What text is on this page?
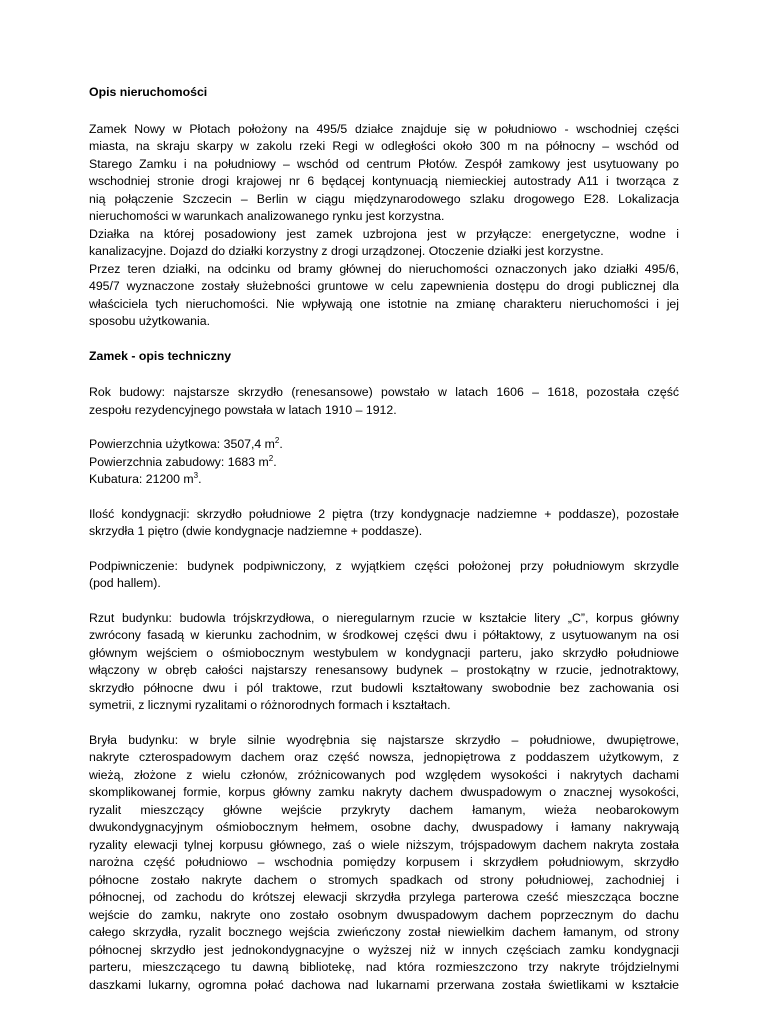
Opis nieruchomości
Zamek Nowy w Płotach położony na 495/5 działce znajduje się w południowo - wschodniej części
miasta, na skraju skarpy w zakolu rzeki Regi w odległości około 300 m na północny – wschód od
Starego Zamku i na południowy – wschód od centrum Płotów. Zespół zamkowy jest usytuowany po
wschodniej stronie drogi krajowej nr 6 będącej kontynuacją niemieckiej autostrady A11 i tworząca z
nią połączenie Szczecin – Berlin w ciągu międzynarodowego szlaku drogowego E28. Lokalizacja
nieruchomości w warunkach analizowanego rynku jest korzystna.
Działka na której posadowiony jest zamek uzbrojona jest w przyłącze: energetyczne, wodne i
kanalizacyjne. Dojazd do działki korzystny z drogi urządzonej. Otoczenie działki jest korzystne.
Przez teren działki, na odcinku od bramy głównej do nieruchomości oznaczonych jako działki 495/6,
495/7 wyznaczone zostały służebności gruntowe w celu zapewnienia dostępu do drogi publicznej dla
właściciela tych nieruchomości. Nie wpływają one istotnie na zmianę charakteru nieruchomości i jej
sposobu użytkowania.
Zamek - opis techniczny
Rok budowy: najstarsze skrzydło (renesansowe) powstało w latach 1606 – 1618, pozostała część
zespołu rezydencyjnego powstała w latach 1910 – 1912.
Powierzchnia użytkowa: 3507,4 $m^2$.
Powierzchnia zabudowy: 1683 $m^2$.
Kubatura: 21200 $m^3$.
Ilość kondygnacji: skrzydło południowe 2 piętra (trzy kondygnacje nadziemne + poddasze), pozostałe
skrzydła 1 piętro (dwie kondygnacje nadziemne + poddasze).
Podpiwniczenie: budynek podpiwniczony, z wyjątkiem części położonej przy południowym skrzydle
(pod hallem).
Rzut budynku: budowla trójskrzydłowa, o nieregularnym rzucie w kształcie litery „C”, korpus główny
zwrócony fasadą w kierunku zachodnim, w środkowej części dwu i półtaktowy, z usytuowanym na osi
głównym wejściem o ośmiobocznym westybulem w kondygnacji parteru, jako skrzydło południowe
włączony w obręb całości najstarszy renesansowy budynek – prostokątny w rzucie, jednotraktowy,
skrzydło północne dwu i pól traktowe, rzut budowli kształtowany swobodnie bez zachowania osi
symetrii, z licznymi ryzalitami o różnorodnych formach i kształtach.
Bryła budynku: w bryle silnie wyodrębnia się najstarsze skrzydło – południowe, dwupiętrowe,
nakryte czterospadowym dachem oraz część nowsza, jednopiętrowa z poddaszem użytkowym, z
wieżą, złożone z wielu członów, zróżnicowanych pod względem wysokości i nakrytych dachami
skomplikowanej formie, korpus główny zamku nakryty dachem dwuspadowym o znacznej wysokości,
ryzalit mieszczący główne wejście przykryty dachem łamanym, wieża neobarokowym
dwukondygnacyjnym ośmiobocznym hełmem, osobne dachy, dwuspadowy i łamany nakrywają
ryzality elewacji tylnej korpusu głównego, zaś o wiele niższym, trójspadowym dachem nakryta została
narożna część południowo – wschodnia pomiędzy korpusem i skrzydłem południowym, skrzydło
północne zostało nakryte dachem o stromych spadkach od strony południowej, zachodniej i
północnej, od zachodu do krótszej elewacji skrzydła przylega parterowa cześć mieszcząca boczne
wejście do zamku, nakryte ono zostało osobnym dwuspadowym dachem poprzecznym do dachu
całego skrzydła, ryzalit bocznego wejścia zwieńczony został niewielkim dachem łamanym, od strony
północnej skrzydło jest jednokondygnacyjne o wyższej niż w innych częściach zamku kondygnacji
parteru, mieszczącego tu dawną bibliotekę, nad która rozmieszczono trzy nakryte trójdzielnymi
daszkami lukarny, ogromna połać dachowa nad lukarnami przerwana została świetlikami w kształcie
